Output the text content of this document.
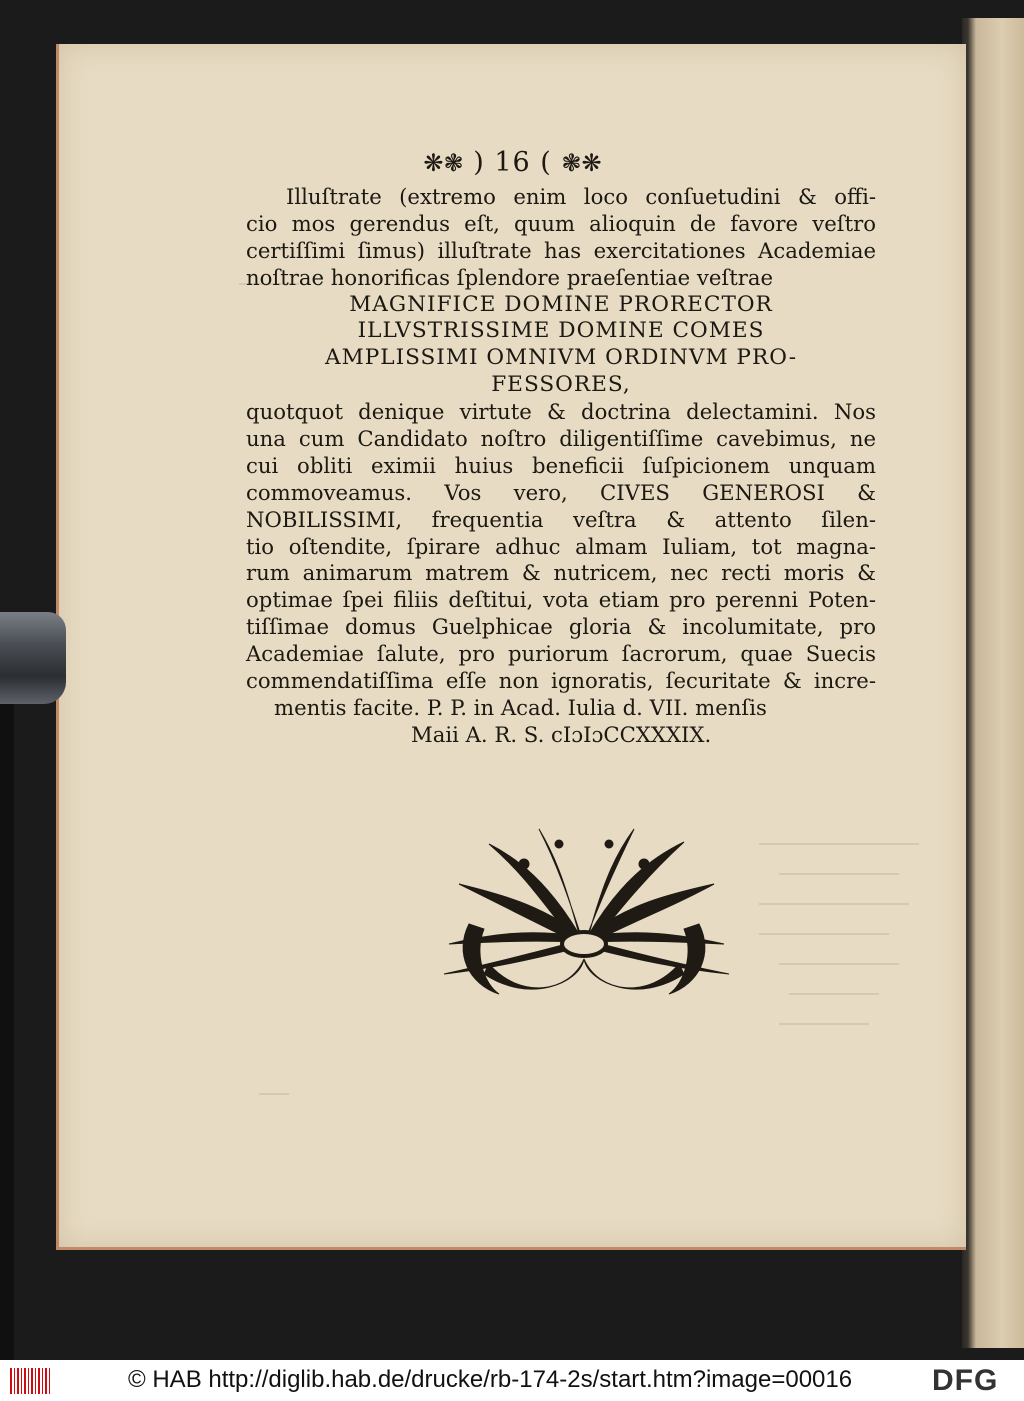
❋❃ ) 16 ( ❃❋
Illuſtrate (extremo enim loco conſuetudini & offi-
cio mos gerendus eſt, quum alioquin de favore veſtro
certiſſimi ſimus) illuſtrate has exercitationes Academiae
noſtrae honorificas ſplendore praeſentiae veſtrae
MAGNIFICE DOMINE PRORECTOR
ILLVSTRISSIME DOMINE COMES
AMPLISSIMI OMNIVM ORDINVM PRO-
FESSORES,
quotquot denique virtute & doctrina delectamini. Nos
una cum Candidato noſtro diligentiſſime cavebimus, ne
cui obliti eximii huius beneficii ſuſpicionem unquam
commoveamus. Vos vero, CIVES GENEROSI &
NOBILISSIMI, frequentia veſtra & attento ſilen-
tio oſtendite, ſpirare adhuc almam Iuliam, tot magna-
rum animarum matrem & nutricem, nec recti moris &
optimae ſpei filiis deſtitui, vota etiam pro perenni Poten-
tiſſimae domus Guelphicae gloria & incolumitate, pro
Academiae ſalute, pro puriorum ſacrorum, quae Suecis
commendatiſſima eſſe non ignoratis, ſecuritate & incre-
mentis facite. P. P. in Acad. Iulia d. VII. menſis
Maii A. R. S. cIɔIɔCCXXXIX.
© HAB http://diglib.hab.de/drucke/rb-174-2s/start.htm?image=00016	DFG
